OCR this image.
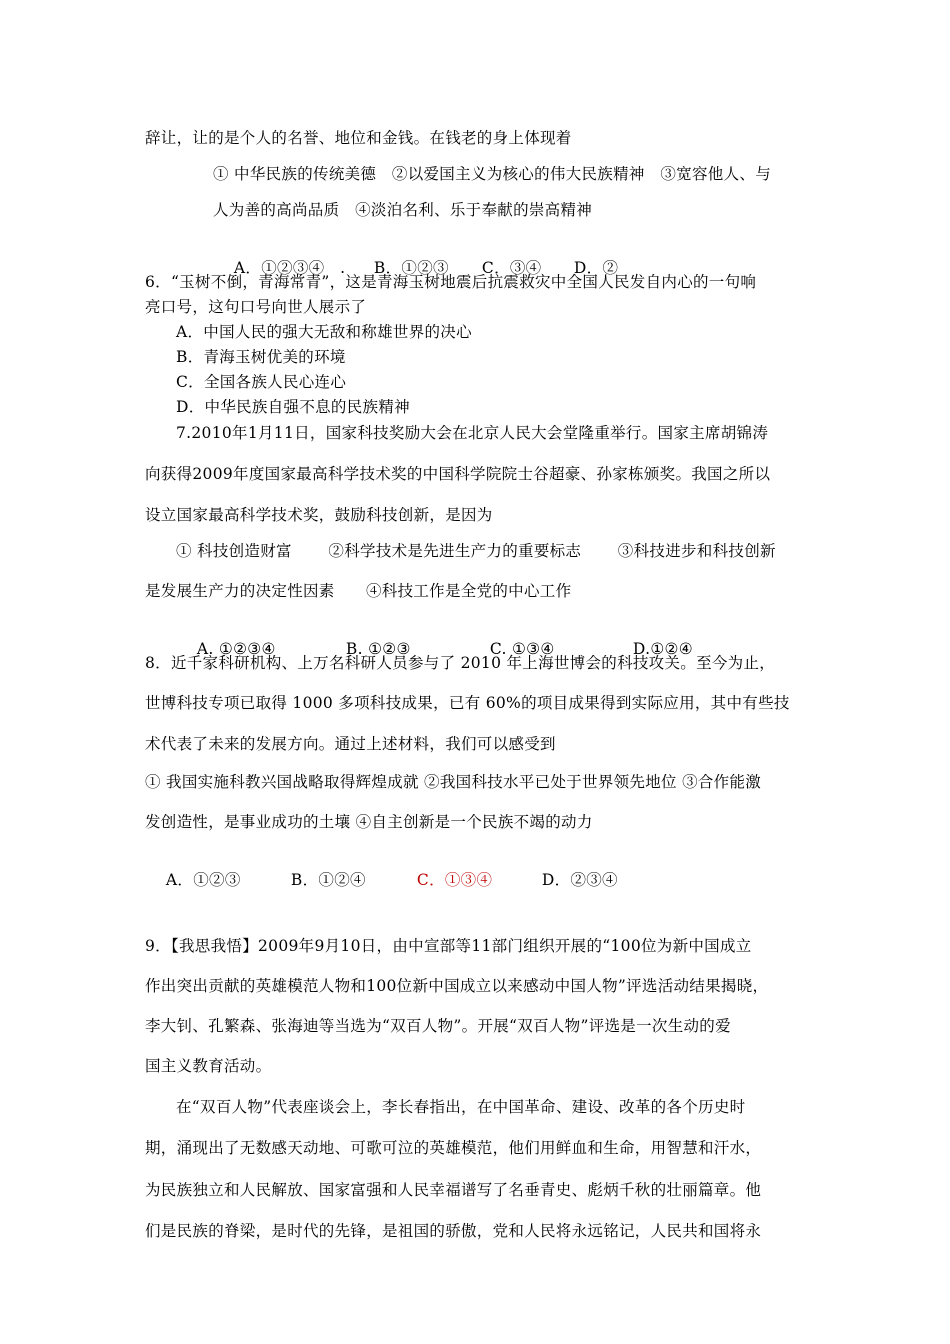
辞让，让的是个人的名誉、地位和金钱。在钱老的身上体现着

① 中华民族的传统美德   ②以爱国主义为核心的伟大民族精神   ③宽容他人、与

人为善的高尚品质   ④淡泊名利、乐于奉献的崇高精神

A．①②③④   . B．①②③ C．③④ D．②

6．“玉树不倒，青海常青”，这是青海玉树地震后抗震救灾中全国人民发自内心的一句响

亮口号，这句口号向世人展示了

A．中国人民的强大无敌和称雄世界的决心

B．青海玉树优美的环境

C．全国各族人民心连心

D．中华民族自强不息的民族精神

7.2010年1月11日，国家科技奖励大会在北京人民大会堂隆重举行。国家主席胡锦涛

向获得2009年度国家最高科学技术奖的中国科学院院士谷超豪、孙家栋颁奖。我国之所以

设立国家最高科学技术奖，鼓励科技创新，是因为

① 科技创造财富       ②科学技术是先进生产力的重要标志       ③科技进步和科技创新

是发展生产力的决定性因素      ④科技工作是全党的中心工作

A. ①②③④	B. ①②③	C. ①③④	D.①②④

8．近千家科研机构、上万名科研人员参与了 2010 年上海世博会的科技攻关。至今为止，

世博科技专项已取得 1000 多项科技成果，已有 60%的项目成果得到实际应用，其中有些技

术代表了未来的发展方向。通过上述材料，我们可以感受到

① 我国实施科教兴国战略取得辉煌成就 ②我国科技水平已处于世界领先地位 ③合作能激

发创造性，是事业成功的土壤 ④自主创新是一个民族不竭的动力

A．①②③	B．①②④	C．①③④	D．②③④

9．【我思我悟】2009年9月10日，由中宣部等11部门组织开展的“100位为新中国成立

作出突出贡献的英雄模范人物和100位新中国成立以来感动中国人物”评选活动结果揭晓，

李大钊、孔繁森、张海迪等当选为“双百人物”。开展“双百人物”评选是一次生动的爱

国主义教育活动。

在“双百人物”代表座谈会上，李长春指出，在中国革命、建设、改革的各个历史时

期，涌现出了无数感天动地、可歌可泣的英雄模范，他们用鲜血和生命，用智慧和汗水，

为民族独立和人民解放、国家富强和人民幸福谱写了名垂青史、彪炳千秋的壮丽篇章。他

们是民族的脊梁，是时代的先锋，是祖国的骄傲，党和人民将永远铭记，人民共和国将永
